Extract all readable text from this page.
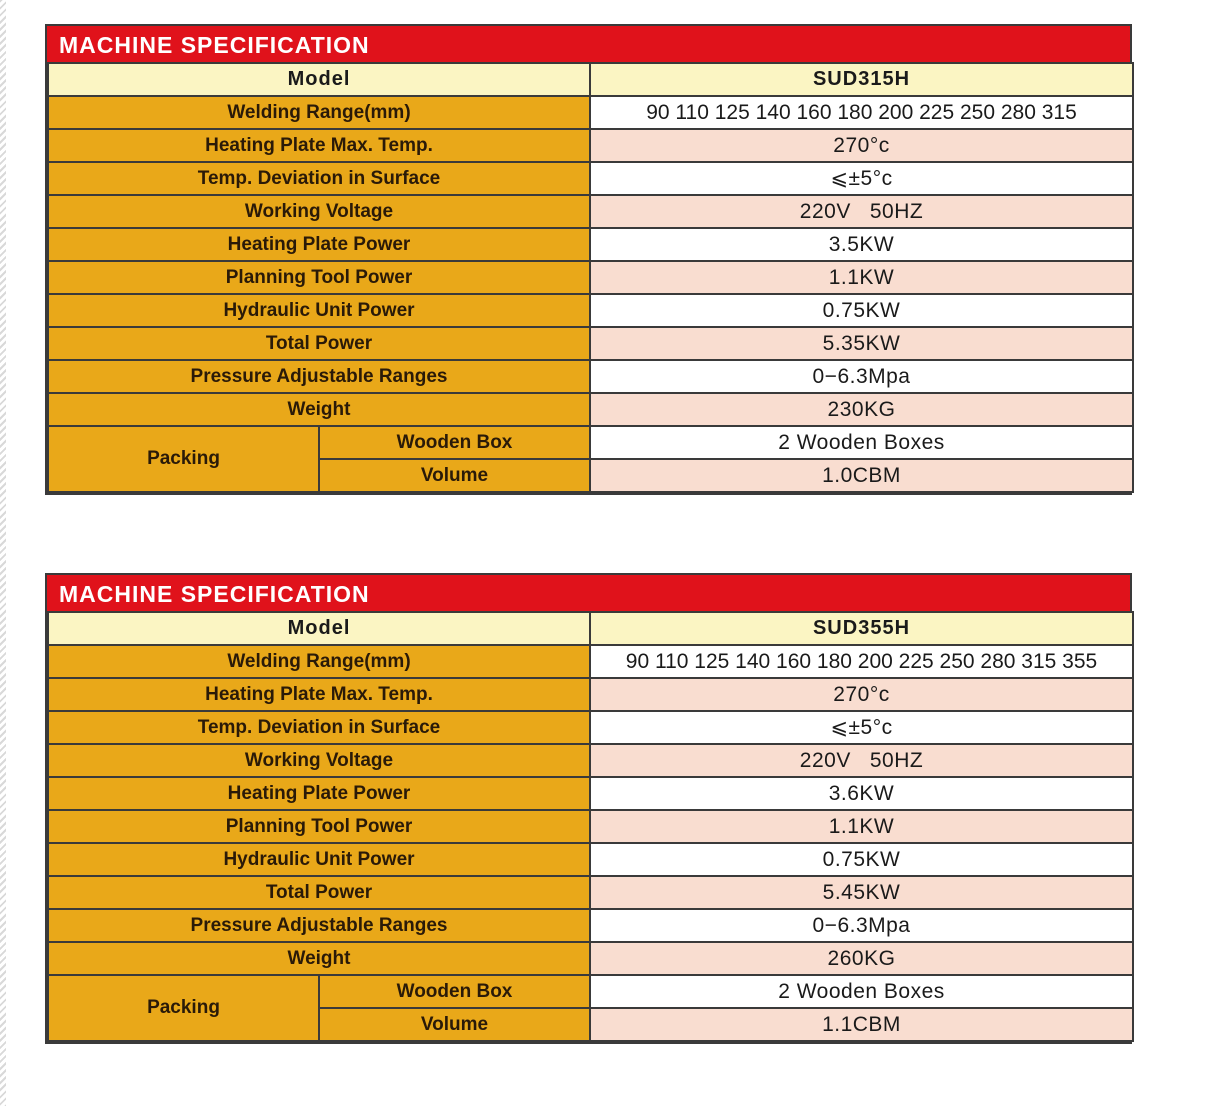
MACHINE SPECIFICATION
Model		SUD315H
Welding Range(mm)		90 110 125 140 160 180 200 225 250 280 315
Heating Plate Max. Temp.		270°c
Temp. Deviation in Surface		⩽±5°c
Working Voltage		220V   50HZ
Heating Plate Power		3.5KW
Planning Tool Power		1.1KW
Hydraulic Unit Power		0.75KW
Total Power		5.35KW
Pressure Adjustable Ranges		0−6.3Mpa
Weight		230KG
Packing	Wooden Box	2 Wooden Boxes
	Volume	1.0CBM
MACHINE SPECIFICATION
Model		SUD355H
Welding Range(mm)		90 110 125 140 160 180 200 225 250 280 315 355
Heating Plate Max. Temp.		270°c
Temp. Deviation in Surface		⩽±5°c
Working Voltage		220V   50HZ
Heating Plate Power		3.6KW
Planning Tool Power		1.1KW
Hydraulic Unit Power		0.75KW
Total Power		5.45KW
Pressure Adjustable Ranges		0−6.3Mpa
Weight		260KG
Packing	Wooden Box	2 Wooden Boxes
	Volume	1.1CBM
